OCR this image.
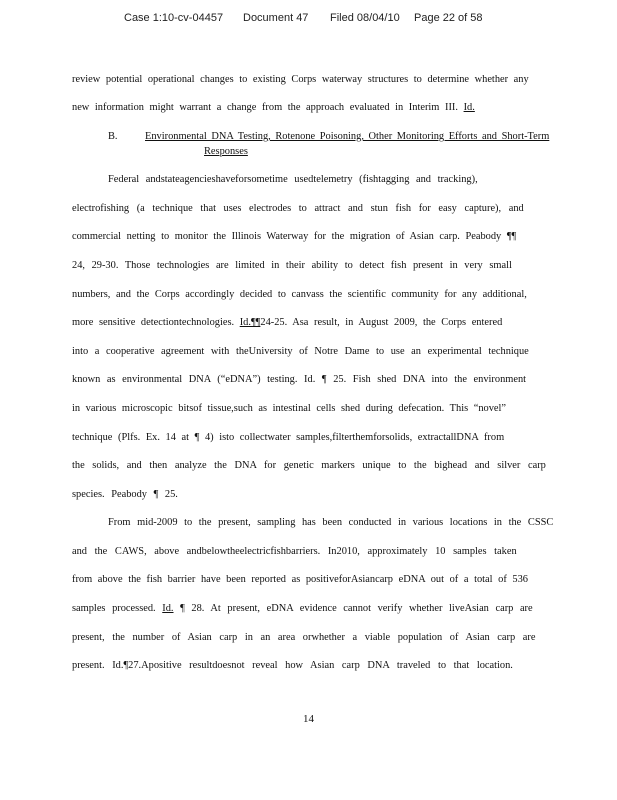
Case 1:10-cv-04457 Document 47 Filed 08/04/10 Page 22 of 58
review potential operational changes to existing Corps waterway structures to determine whether any
new information might warrant a change from the approach evaluated in Interim III. Id.
B.	Environmental DNA Testing, Rotenone Poisoning, Other Monitoring Efforts and Short-Term
Responses
Federal andstateagencieshaveforsometime usedtelemetry (fishtagging and tracking),
electrofishing (a technique that uses electrodes to attract and stun fish for easy capture), and
commercial netting to monitor the Illinois Waterway for the migration of Asian carp. Peabody ¶¶
24, 29-30. Those technologies are limited in their ability to detect fish present in very small
numbers, and the Corps accordingly decided to canvass the scientific community for any additional,
more sensitive detectiontechnologies. Id.¶¶24-25. Asa result, in August 2009, the Corps entered
into a cooperative agreement with theUniversity of Notre Dame to use an experimental technique
known as environmental DNA (“eDNA”) testing. Id. ¶ 25. Fish shed DNA into the environment
in various microscopic bitsof tissue,such as intestinal cells shed during defecation. This “novel”
technique (Plfs. Ex. 14 at ¶ 4) isto collectwater samples,filterthemforsolids, extractallDNA from
the solids, and then analyze the DNA for genetic markers unique to the bighead and silver carp
species. Peabody ¶ 25.
From mid-2009 to the present, sampling has been conducted in various locations in the CSSC
and the CAWS, above andbelowtheelectricfishbarriers. In2010, approximately 10 samples taken
from above the fish barrier have been reported as positiveforAsiancarp eDNA out of a total of 536
samples processed. Id. ¶ 28. At present, eDNA evidence cannot verify whether liveAsian carp are
present, the number of Asian carp in an area orwhether a viable population of Asian carp are
present. Id.¶27.Apositive resultdoesnot reveal how Asian carp DNA traveled to that location.
14
